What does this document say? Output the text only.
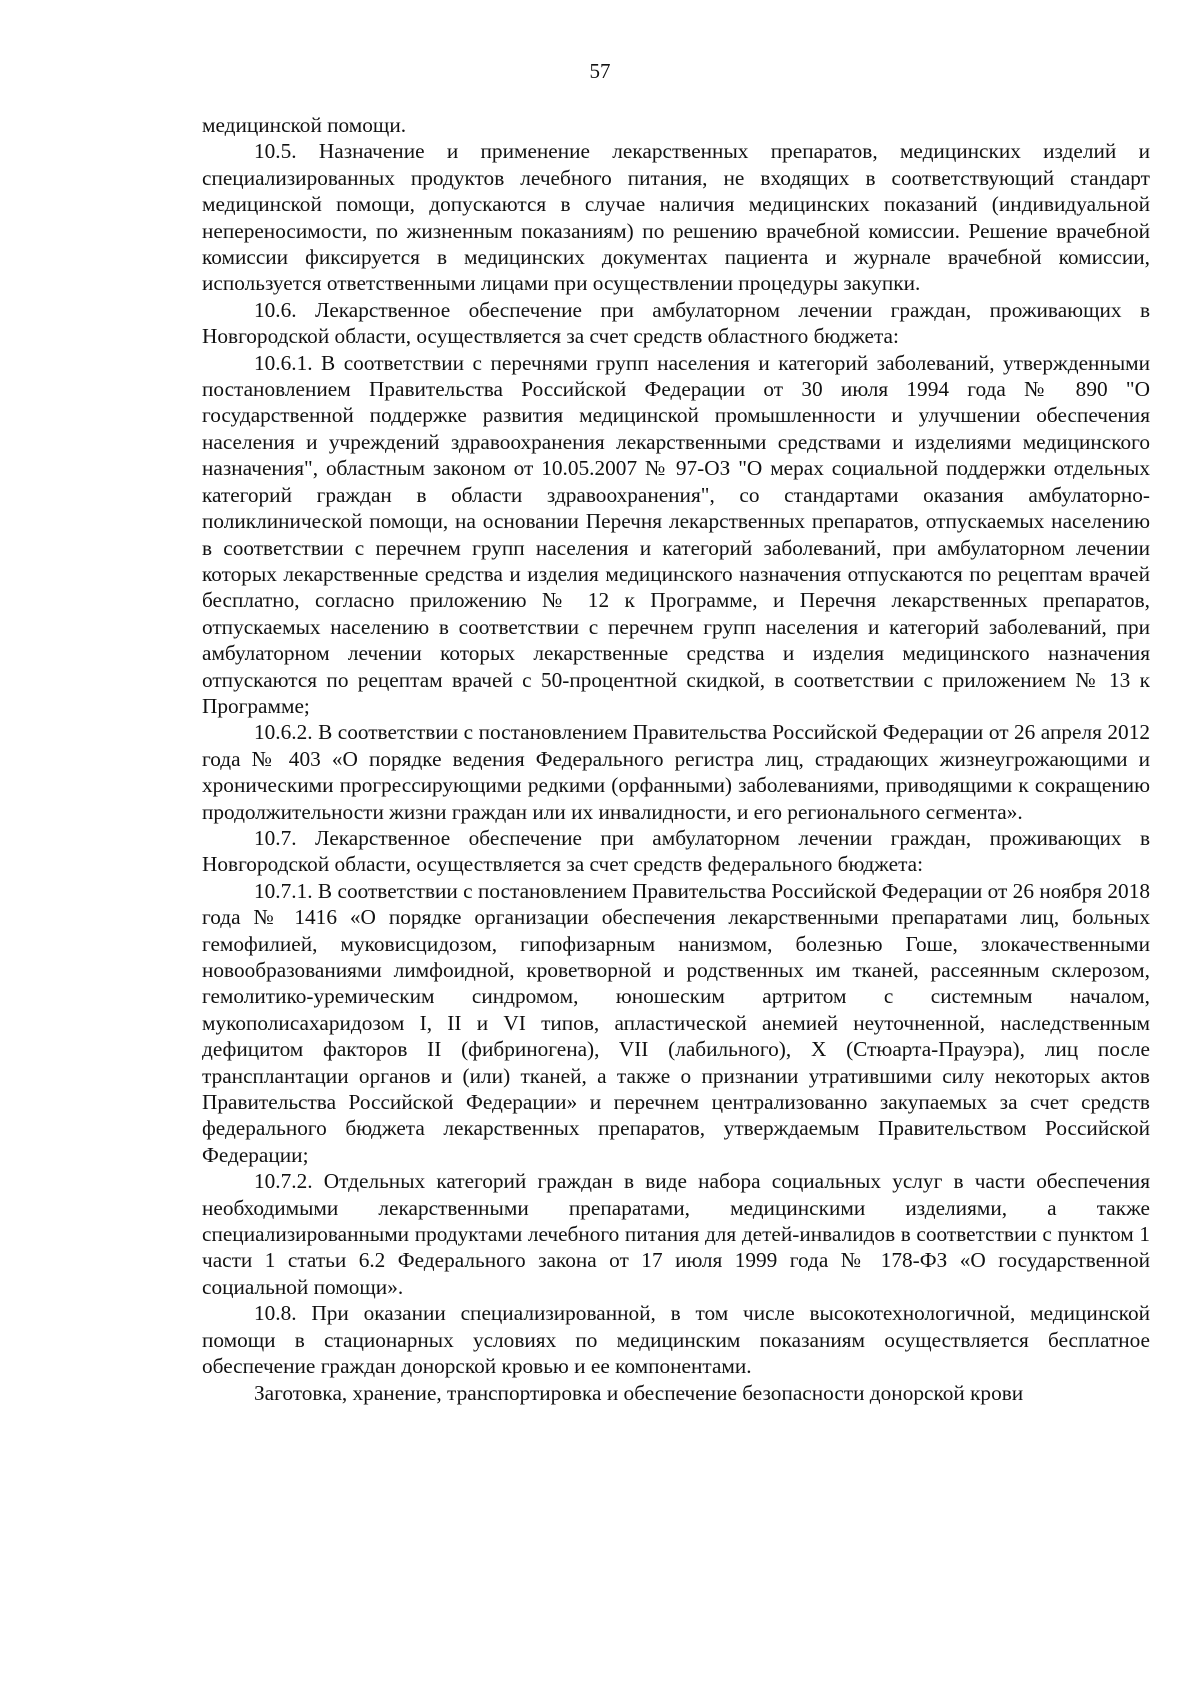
57

медицинской помощи.

10.5. Назначение и применение лекарственных препаратов, медицинских изделий и специализированных продуктов лечебного питания, не входящих в соответствующий стандарт медицинской помощи, допускаются в случае наличия медицинских показаний (индивидуальной непереносимости, по жизненным показаниям) по решению врачебной комиссии. Решение врачебной комиссии фиксируется в медицинских документах пациента и журнале врачебной комиссии, используется ответственными лицами при осуществлении процедуры закупки.

10.6. Лекарственное обеспечение при амбулаторном лечении граждан, проживающих в Новгородской области, осуществляется за счет средств областного бюджета:

10.6.1. В соответствии с перечнями групп населения и категорий заболеваний, утвержденными постановлением Правительства Российской Федерации от 30 июля 1994 года № 890 "О государственной поддержке развития медицинской промышленности и улучшении обеспечения населения и учреждений здравоохранения лекарственными средствами и изделиями медицинского назначения", областным законом от 10.05.2007 № 97-ОЗ "О мерах социальной поддержки отдельных категорий граждан в области здравоохранения", со стандартами оказания амбулаторно-поликлинической помощи, на основании Перечня лекарственных препаратов, отпускаемых населению в соответствии с перечнем групп населения и категорий заболеваний, при амбулаторном лечении которых лекарственные средства и изделия медицинского назначения отпускаются по рецептам врачей бесплатно, согласно приложению № 12 к Программе, и Перечня лекарственных препаратов, отпускаемых населению в соответствии с перечнем групп населения и категорий заболеваний, при амбулаторном лечении которых лекарственные средства и изделия медицинского назначения отпускаются по рецептам врачей с 50-процентной скидкой, в соответствии с приложением № 13 к Программе;

10.6.2. В соответствии с постановлением Правительства Российской Федерации от 26 апреля 2012 года № 403 «О порядке ведения Федерального регистра лиц, страдающих жизнеугрожающими и хроническими прогрессирующими редкими (орфанными) заболеваниями, приводящими к сокращению продолжительности жизни граждан или их инвалидности, и его регионального сегмента».

10.7. Лекарственное обеспечение при амбулаторном лечении граждан, проживающих в Новгородской области, осуществляется за счет средств федерального бюджета:

10.7.1. В соответствии с постановлением Правительства Российской Федерации от 26 ноября 2018 года № 1416 «О порядке организации обеспечения лекарственными препаратами лиц, больных гемофилией, муковисцидозом, гипофизарным нанизмом, болезнью Гоше, злокачественными новообразованиями лимфоидной, кроветворной и родственных им тканей, рассеянным склерозом, гемолитико-уремическим синдромом, юношеским артритом с системным началом, мукополисахаридозом I, II и VI типов, апластической анемией неуточненной, наследственным дефицитом факторов II (фибриногена), VII (лабильного), X (Стюарта-Прауэра), лиц после трансплантации органов и (или) тканей, а также о признании утратившими силу некоторых актов Правительства Российской Федерации» и перечнем централизованно закупаемых за счет средств федерального бюджета лекарственных препаратов, утверждаемым Правительством Российской Федерации;

10.7.2. Отдельных категорий граждан в виде набора социальных услуг в части обеспечения необходимыми лекарственными препаратами, медицинскими изделиями, а также специализированными продуктами лечебного питания для детей-инвалидов в соответствии с пунктом 1 части 1 статьи 6.2 Федерального закона от 17 июля 1999 года № 178-ФЗ «О государственной социальной помощи».

10.8. При оказании специализированной, в том числе высокотехнологичной, медицинской помощи в стационарных условиях по медицинским показаниям осуществляется бесплатное обеспечение граждан донорской кровью и ее компонентами.

Заготовка, хранение, транспортировка и обеспечение безопасности донорской крови
